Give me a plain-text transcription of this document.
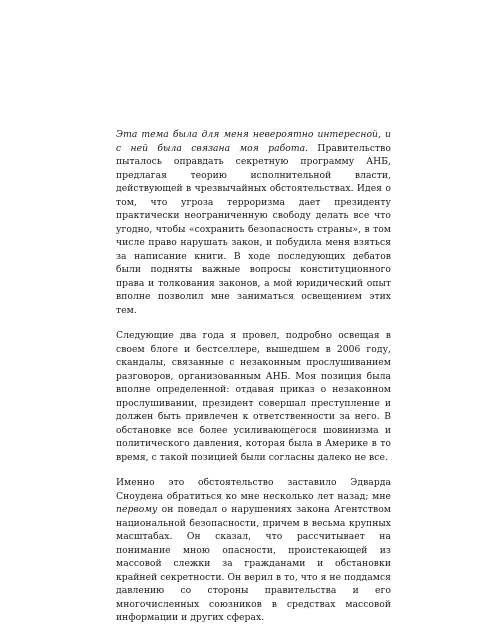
Эта тема была для меня невероятно интересной, и с ней была связана моя работа. Правительство пыталось оправдать секретную программу АНБ, предлагая теорию исполнительной власти, действующей в чрезвычайных обстоятельствах. Идея о том, что угроза терроризма дает президенту практически неограниченную свободу делать все что угодно, чтобы «сохранить безопасность страны», в том числе право нарушать закон, и побудила меня взяться за написание книги. В ходе последующих дебатов были подняты важные вопросы конституционного права и толкования законов, а мой юридический опыт вполне позволил мне заниматься освещением этих тем.

Следующие два года я провел, подробно освещая в своем блоге и бестселлере, вышедшем в 2006 году, скандалы, связанные с незаконным прослушиванием разговоров, организованным АНБ. Моя позиция была вполне определенной: отдавая приказ о незаконном прослушивании, президент совершал преступление и должен быть привлечен к ответственности за него. В обстановке все более усиливающегося шовинизма и политического давления, которая была в Америке в то время, с такой позицией были согласны далеко не все.

Именно это обстоятельство заставило Эдварда Сноудена обратиться ко мне несколько лет назад; мне первому он поведал о нарушениях закона Агентством национальной безопасности, причем в весьма крупных масштабах. Он сказал, что рассчитывает на понимание мною опасности, проистекающей из массовой слежки за гражданами и обстановки крайней секретности. Он верил в то, что я не поддамся давлению со стороны правительства и его многочисленных союзников в средствах массовой информации и других сферах.
